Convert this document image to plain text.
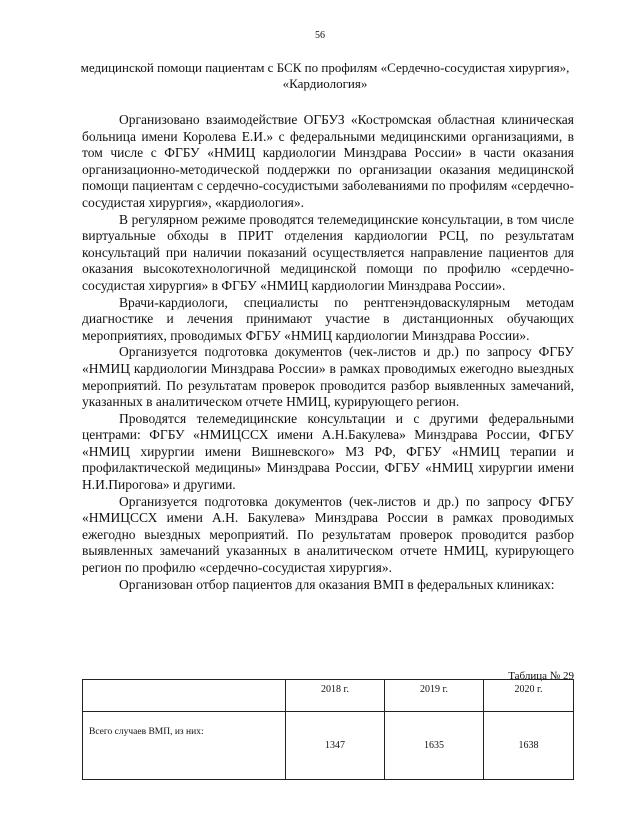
56
медицинской помощи пациентам с БСК по профилям «Сердечно-сосудистая хирургия», «Кардиология»

Организовано взаимодействие ОГБУЗ «Костромская областная клиническая больница имени Королева Е.И.» с федеральными медицинскими организациями, в том числе с ФГБУ «НМИЦ кардиологии Минздрава России» в части оказания организационно-методической поддержки по организации оказания медицинской помощи пациентам с сердечно-сосудистыми заболеваниями по профилям «сердечно-сосудистая хирургия», «кардиология».

В регулярном режиме проводятся телемедицинские консультации, в том числе виртуальные обходы в ПРИТ отделения кардиологии РСЦ, по результатам консультаций при наличии показаний осуществляется направление пациентов для оказания высокотехнологичной медицинской помощи по профилю «сердечно-сосудистая хирургия» в ФГБУ «НМИЦ кардиологии Минздрава России».

Врачи-кардиологи, специалисты по рентгенэндоваскулярным методам диагностике и лечения принимают участие в дистанционных обучающих мероприятиях, проводимых ФГБУ «НМИЦ кардиологии Минздрава России».

Организуется подготовка документов (чек-листов и др.) по запросу ФГБУ «НМИЦ кардиологии Минздрава России» в рамках проводимых ежегодно выездных мероприятий. По результатам проверок проводится разбор выявленных замечаний, указанных в аналитическом отчете НМИЦ, курирующего регион.

Проводятся телемедицинские консультации и с другими федеральными центрами: ФГБУ «НМИЦССХ имени А.Н.Бакулева» Минздрава России, ФГБУ «НМИЦ хирургии имени Вишневского» МЗ РФ, ФГБУ «НМИЦ терапии и профилактической медицины» Минздрава России, ФГБУ «НМИЦ хирургии имени Н.И.Пирогова» и другими.

Организуется подготовка документов (чек-листов и др.) по запросу ФГБУ «НМИЦССХ имени А.Н. Бакулева» Минздрава России в рамках проводимых ежегодно выездных мероприятий. По результатам проверок проводится разбор выявленных замечаний указанных в аналитическом отчете НМИЦ, курирующего регион по профилю «сердечно-сосудистая хирургия».

Организован отбор пациентов для оказания ВМП в федеральных клиниках:

Таблица № 29
	2018 г.	2019 г.	2020 г.
Всего случаев ВМП, из них:	1347	1635	1638
